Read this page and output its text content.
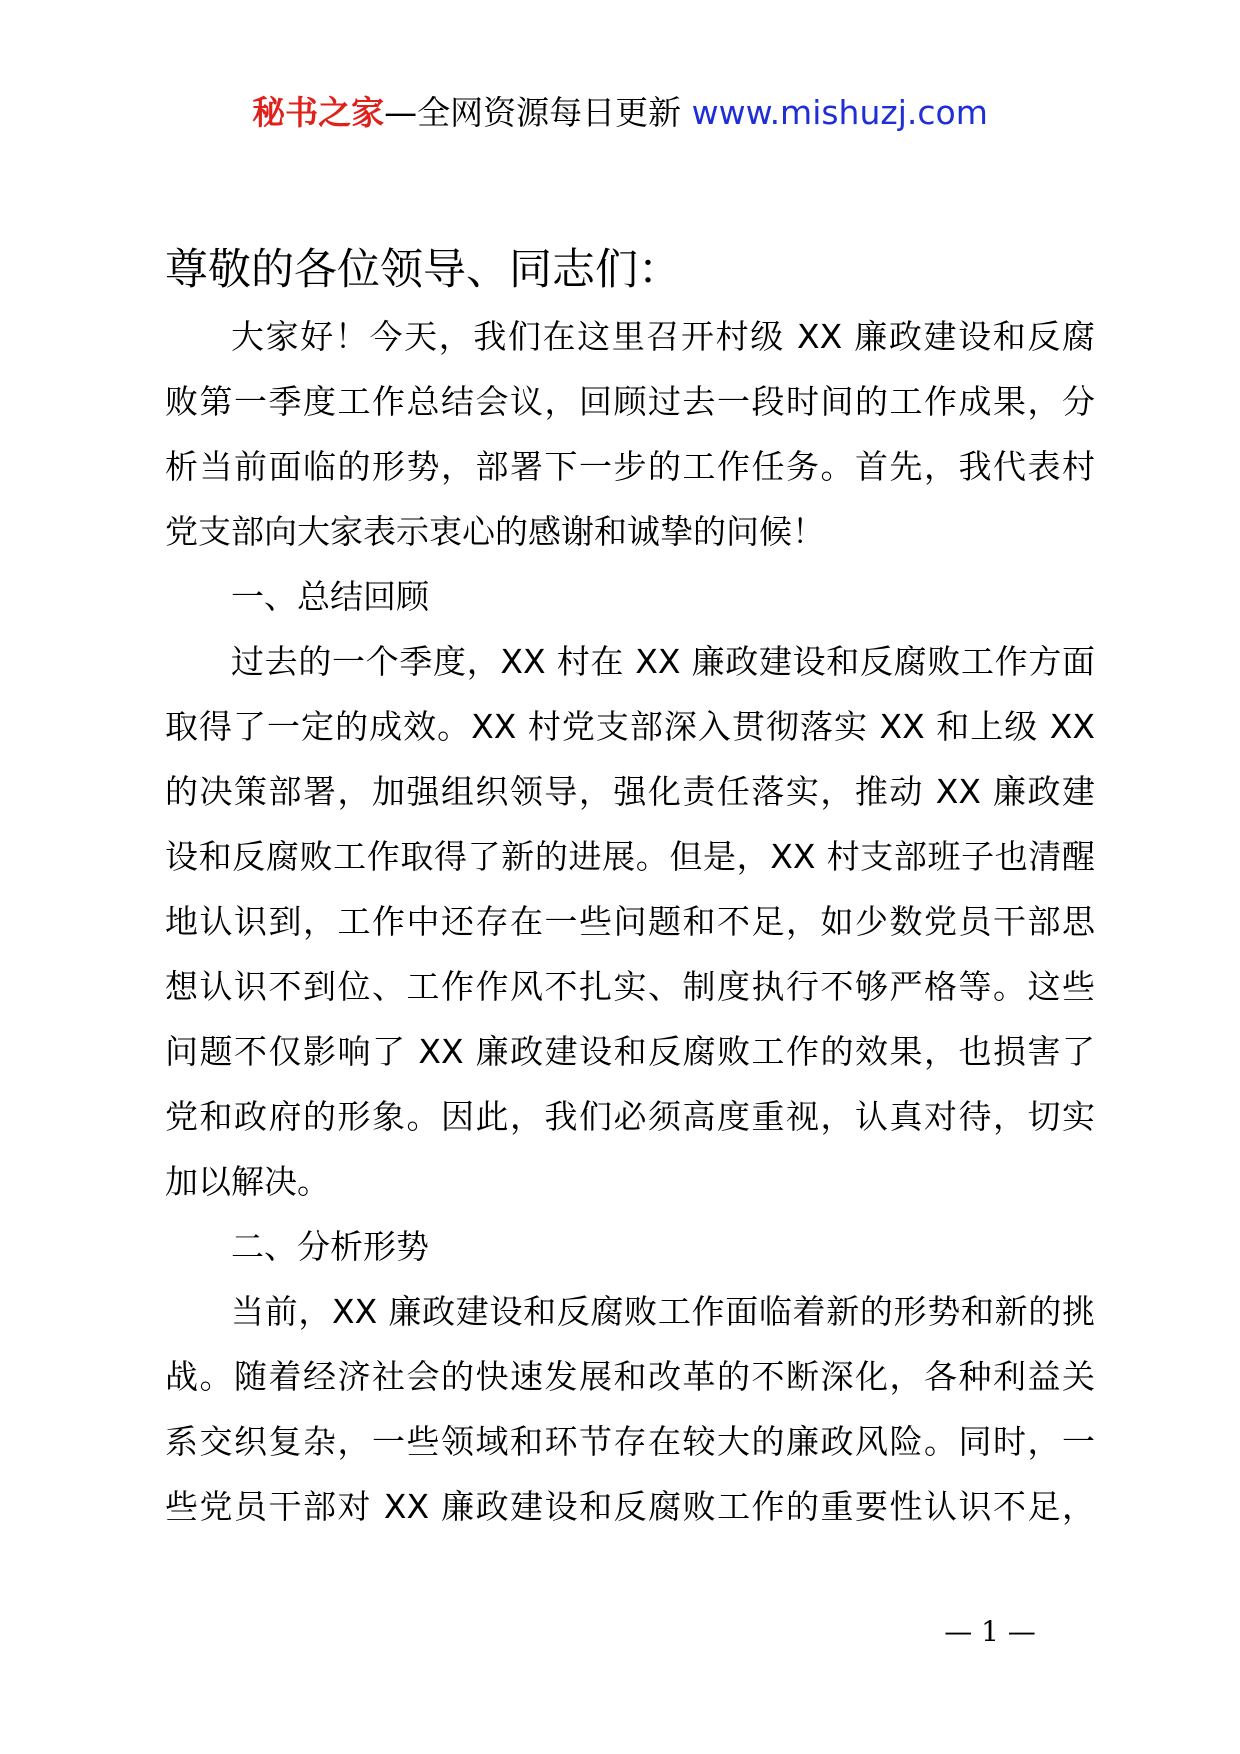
秘书之家—全网资源每日更新 www.mishuzj.com
尊敬的各位领导、同志们：
大家好！今天，我们在这里召开村级 XX 廉政建设和反腐
败第一季度工作总结会议，回顾过去一段时间的工作成果，分
析当前面临的形势，部署下一步的工作任务。首先，我代表村
党支部向大家表示衷心的感谢和诚挚的问候！
一、总结回顾
过去的一个季度，XX 村在 XX 廉政建设和反腐败工作方面
取得了一定的成效。XX 村党支部深入贯彻落实 XX 和上级 XX
的决策部署，加强组织领导，强化责任落实，推动 XX 廉政建
设和反腐败工作取得了新的进展。但是，XX 村支部班子也清醒
地认识到，工作中还存在一些问题和不足，如少数党员干部思
想认识不到位、工作作风不扎实、制度执行不够严格等。这些
问题不仅影响了 XX 廉政建设和反腐败工作的效果，也损害了
党和政府的形象。因此，我们必须高度重视，认真对待，切实
加以解决。
二、分析形势
当前，XX 廉政建设和反腐败工作面临着新的形势和新的挑
战。随着经济社会的快速发展和改革的不断深化，各种利益关
系交织复杂，一些领域和环节存在较大的廉政风险。同时，一
些党员干部对 XX 廉政建设和反腐败工作的重要性认识不足，
— 1 —
